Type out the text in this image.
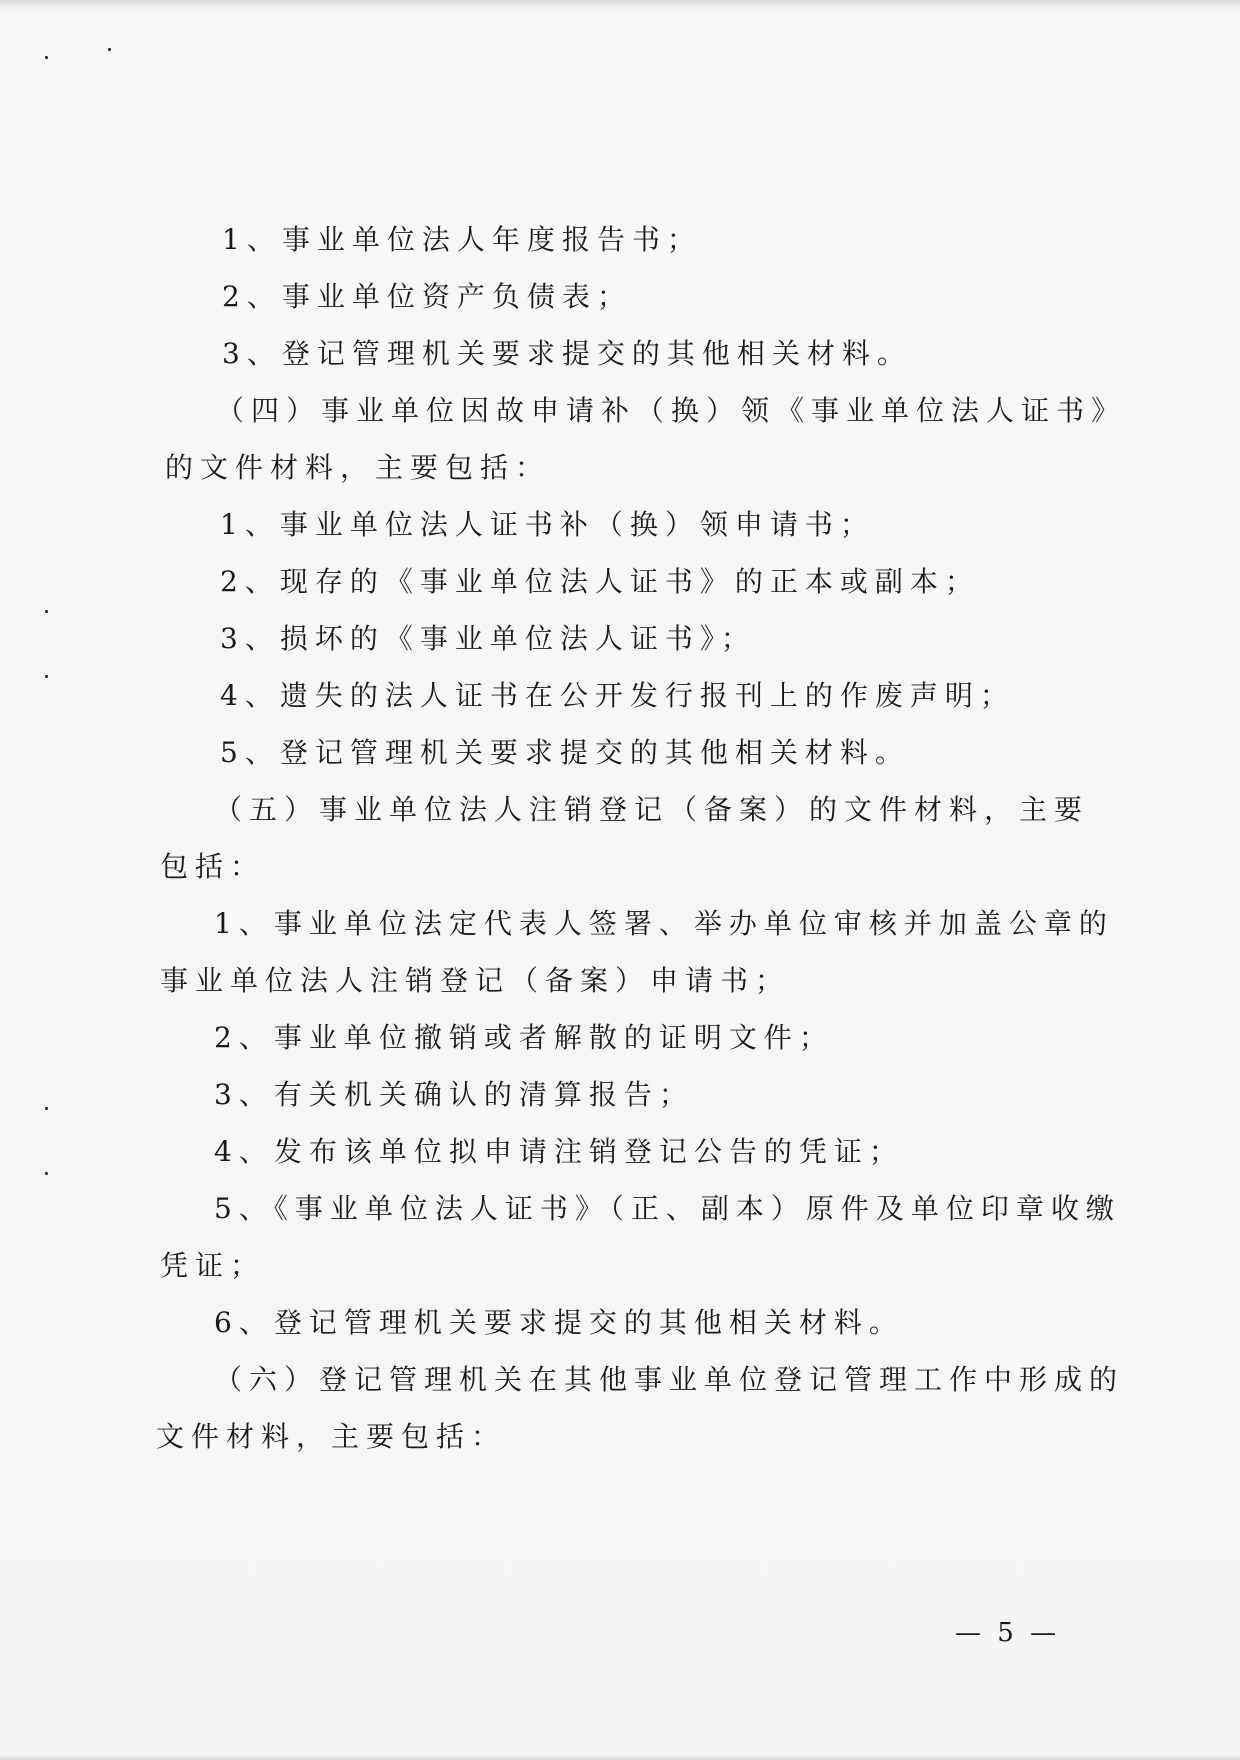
1、事业单位法人年度报告书；
2、事业单位资产负债表；
3、登记管理机关要求提交的其他相关材料。
（四）事业单位因故申请补（换）领《事业单位法人证书》
的文件材料，主要包括：
1、事业单位法人证书补（换）领申请书；
2、现存的《事业单位法人证书》的正本或副本；
3、损坏的《事业单位法人证书》；
4、遗失的法人证书在公开发行报刊上的作废声明；
5、登记管理机关要求提交的其他相关材料。
（五）事业单位法人注销登记（备案）的文件材料，主要
包括：
1、事业单位法定代表人签署、举办单位审核并加盖公章的
事业单位法人注销登记（备案）申请书；
2、事业单位撤销或者解散的证明文件；
3、有关机关确认的清算报告；
4、发布该单位拟申请注销登记公告的凭证；
5、《事业单位法人证书》（正、副本）原件及单位印章收缴
凭证；
6、登记管理机关要求提交的其他相关材料。
（六）登记管理机关在其他事业单位登记管理工作中形成的
文件材料，主要包括：
— 5 —
